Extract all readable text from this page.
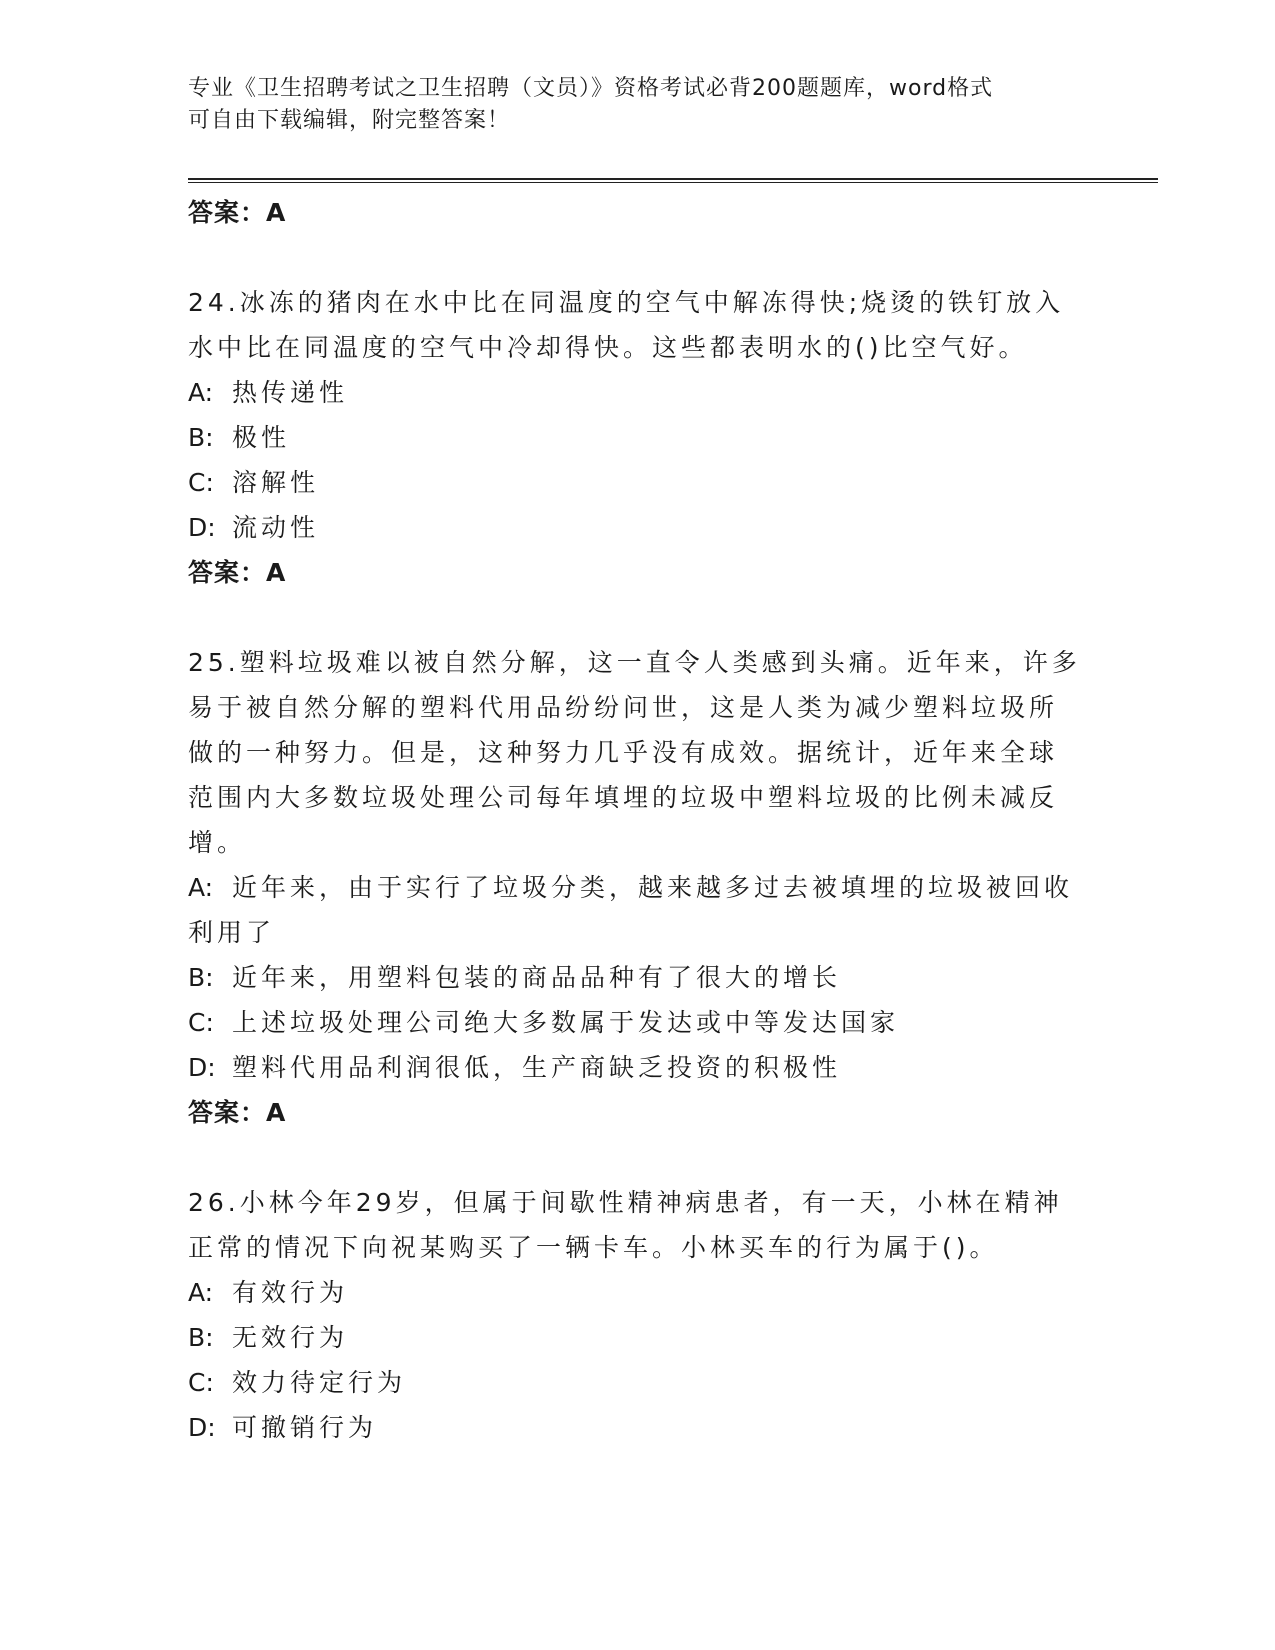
专业《卫生招聘考试之卫生招聘（文员）》资格考试必背200题题库，word格式
可自由下载编辑，附完整答案！
答案：A
24.冰冻的猪肉在水中比在同温度的空气中解冻得快;烧烫的铁钉放入
水中比在同温度的空气中冷却得快。这些都表明水的()比空气好。
A: 热传递性
B: 极性
C: 溶解性
D: 流动性
答案：A
25.塑料垃圾难以被自然分解，这一直令人类感到头痛。近年来，许多
易于被自然分解的塑料代用品纷纷问世，这是人类为减少塑料垃圾所
做的一种努力。但是，这种努力几乎没有成效。据统计，近年来全球
范围内大多数垃圾处理公司每年填埋的垃圾中塑料垃圾的比例未减反
增。
A: 近年来，由于实行了垃圾分类，越来越多过去被填埋的垃圾被回收
利用了
B: 近年来，用塑料包装的商品品种有了很大的增长
C: 上述垃圾处理公司绝大多数属于发达或中等发达国家
D: 塑料代用品利润很低，生产商缺乏投资的积极性
答案：A
26.小林今年29岁，但属于间歇性精神病患者，有一天，小林在精神
正常的情况下向祝某购买了一辆卡车。小林买车的行为属于()。
A: 有效行为
B: 无效行为
C: 效力待定行为
D: 可撤销行为
